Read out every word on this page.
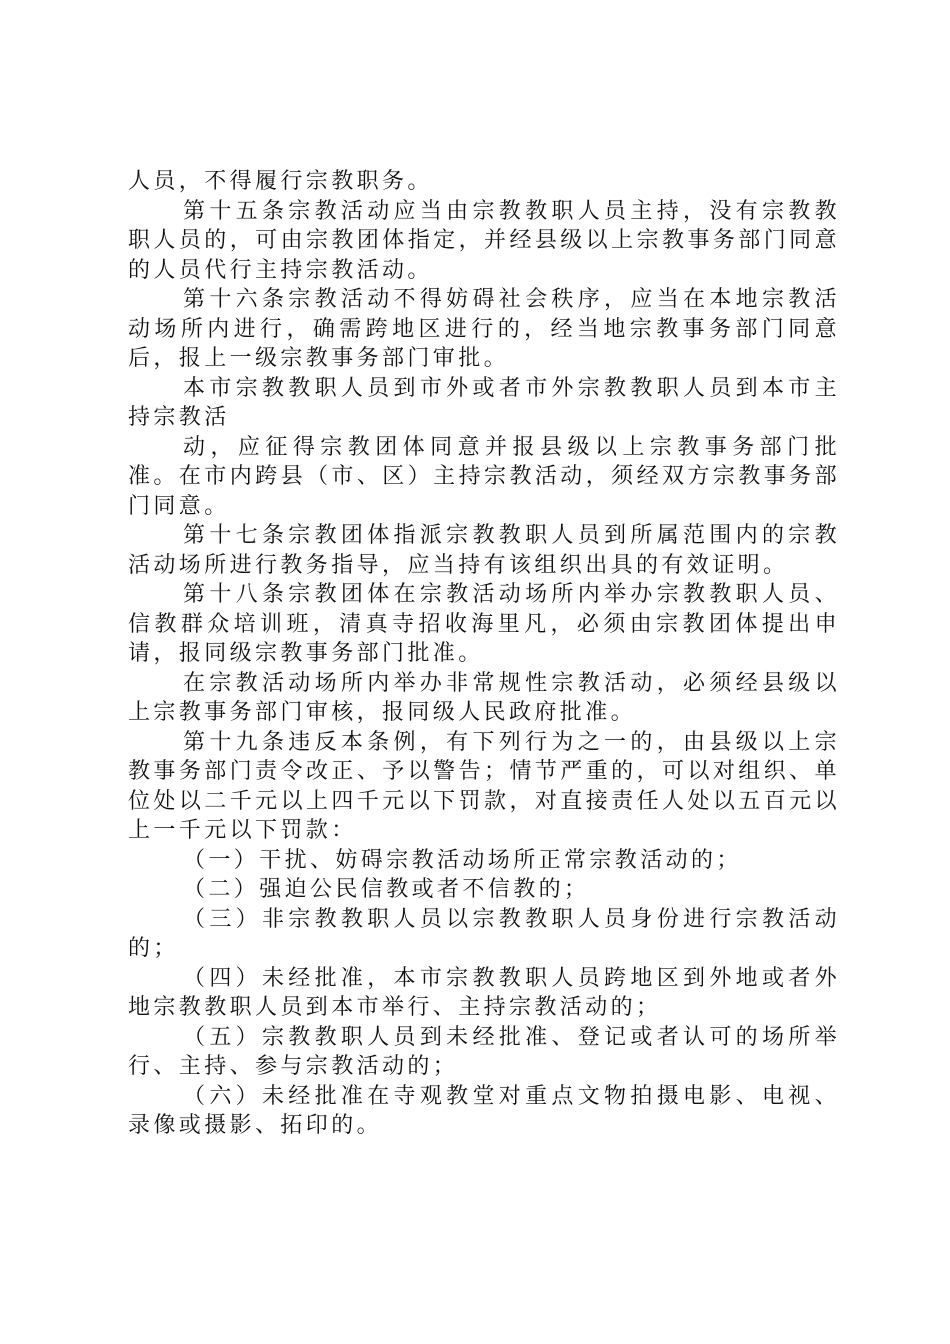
人员，不得履行宗教职务。

第十五条宗教活动应当由宗教教职人员主持，没有宗教教职人员的，可由宗教团体指定，并经县级以上宗教事务部门同意的人员代行主持宗教活动。

第十六条宗教活动不得妨碍社会秩序，应当在本地宗教活动场所内进行，确需跨地区进行的，经当地宗教事务部门同意后，报上一级宗教事务部门审批。

本市宗教教职人员到市外或者市外宗教教职人员到本市主持宗教活

动，应征得宗教团体同意并报县级以上宗教事务部门批准。在市内跨县（市、区）主持宗教活动，须经双方宗教事务部门同意。

第十七条宗教团体指派宗教教职人员到所属范围内的宗教活动场所进行教务指导，应当持有该组织出具的有效证明。

第十八条宗教团体在宗教活动场所内举办宗教教职人员、信教群众培训班，清真寺招收海里凡，必须由宗教团体提出申请，报同级宗教事务部门批准。

在宗教活动场所内举办非常规性宗教活动，必须经县级以上宗教事务部门审核，报同级人民政府批准。

第十九条违反本条例，有下列行为之一的，由县级以上宗教事务部门责令改正、予以警告；情节严重的，可以对组织、单位处以二千元以上四千元以下罚款，对直接责任人处以五百元以上一千元以下罚款：

（一）干扰、妨碍宗教活动场所正常宗教活动的；

（二）强迫公民信教或者不信教的；

（三）非宗教教职人员以宗教教职人员身份进行宗教活动的；

（四）未经批准，本市宗教教职人员跨地区到外地或者外地宗教教职人员到本市举行、主持宗教活动的；

（五）宗教教职人员到未经批准、登记或者认可的场所举行、主持、参与宗教活动的；

（六）未经批准在寺观教堂对重点文物拍摄电影、电视、录像或摄影、拓印的。
